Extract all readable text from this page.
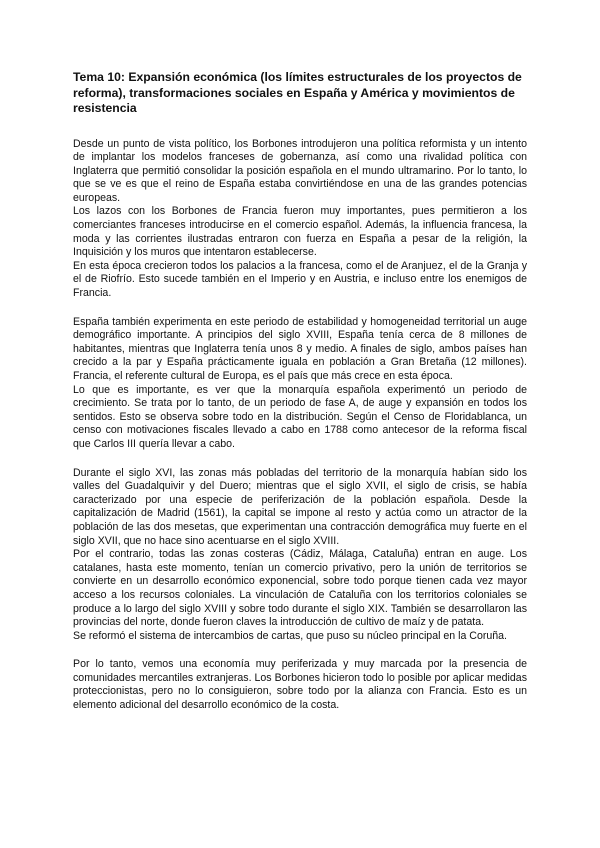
Tema 10: Expansión económica (los límites estructurales de los proyectos de reforma), transformaciones sociales en España y América y movimientos de resistencia

Desde un punto de vista político, los Borbones introdujeron una política reformista y un intento de implantar los modelos franceses de gobernanza, así como una rivalidad política con Inglaterra que permitió consolidar la posición española en el mundo ultramarino. Por lo tanto, lo que se ve es que el reino de España estaba convirtiéndose en una de las grandes potencias europeas.

Los lazos con los Borbones de Francia fueron muy importantes, pues permitieron a los comerciantes franceses introducirse en el comercio español. Además, la influencia francesa, la moda y las corrientes ilustradas entraron con fuerza en España a pesar de la religión, la Inquisición y los muros que intentaron establecerse.

En esta época crecieron todos los palacios a la francesa, como el de Aranjuez, el de la Granja y el de Riofrío. Esto sucede también en el Imperio y en Austria, e incluso entre los enemigos de Francia.

España también experimenta en este periodo de estabilidad y homogeneidad territorial un auge demográfico importante. A principios del siglo XVIII, España tenía cerca de 8 millones de habitantes, mientras que Inglaterra tenía unos 8 y medio. A finales de siglo, ambos países han crecido a la par y España prácticamente iguala en población a Gran Bretaña (12 millones). Francia, el referente cultural de Europa, es el país que más crece en esta época.

Lo que es importante, es ver que la monarquía española experimentó un periodo de crecimiento. Se trata por lo tanto, de un periodo de fase A, de auge y expansión en todos los sentidos. Esto se observa sobre todo en la distribución. Según el Censo de Floridablanca, un censo con motivaciones fiscales llevado a cabo en 1788 como antecesor de la reforma fiscal que Carlos III quería llevar a cabo.

Durante el siglo XVI, las zonas más pobladas del territorio de la monarquía habían sido los valles del Guadalquivir y del Duero; mientras que el siglo XVII, el siglo de crisis, se había caracterizado por una especie de periferización de la población española. Desde la capitalización de Madrid (1561), la capital se impone al resto y actúa como un atractor de la población de las dos mesetas, que experimentan una contracción demográfica muy fuerte en el siglo XVII, que no hace sino acentuarse en el siglo XVIII.

Por el contrario, todas las zonas costeras (Cádiz, Málaga, Cataluña) entran en auge. Los catalanes, hasta este momento, tenían un comercio privativo, pero la unión de territorios se convierte en un desarrollo económico exponencial, sobre todo porque tienen cada vez mayor acceso a los recursos coloniales. La vinculación de Cataluña con los territorios coloniales se produce a lo largo del siglo XVIII y sobre todo durante el siglo XIX. También se desarrollaron las provincias del norte, donde fueron claves la introducción de cultivo de maíz y de patata.

Se reformó el sistema de intercambios de cartas, que puso su núcleo principal en la Coruña.

Por lo tanto, vemos una economía muy periferizada y muy marcada por la presencia de comunidades mercantiles extranjeras. Los Borbones hicieron todo lo posible por aplicar medidas proteccionistas, pero no lo consiguieron, sobre todo por la alianza con Francia. Esto es un elemento adicional del desarrollo económico de la costa.
